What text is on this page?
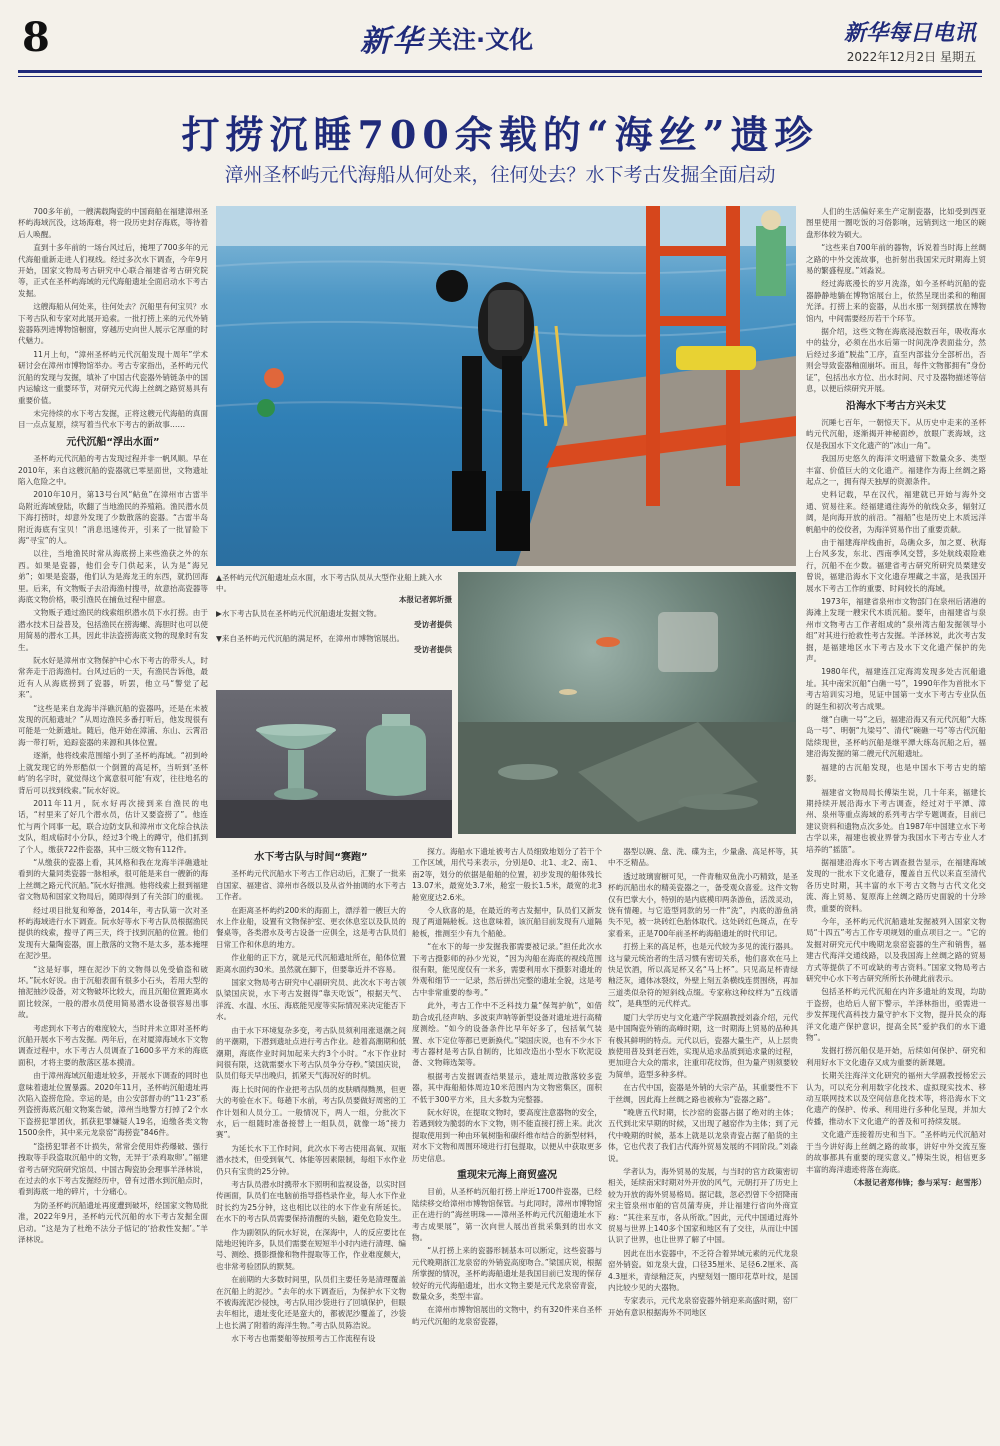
8	新华 关注·文化	新华每日电讯
2022年12月2日 星期五
打捞沉睡700余载的“海丝”遗珍
漳州圣杯屿元代海船从何处来，往何处去？水下考古发掘全面启动

700多年前，一艘满载陶瓷的中国商船在福建漳州圣杯屿海域沉没，这场海难，将一段历史封存海底，等待着后人唤醒。

直到十多年前的一场台风过后，掩埋了700多年的元代海船重新走进人们视线。经过多次水下调查，今年9月开始，国家文物局考古研究中心联合福建省考古研究院等，正式在圣杯屿海域的元代海船遗址全面启动水下考古发掘。

这艘海船从何处来，往何处去？沉船里有何宝贝？水下考古队和专家对此展开追索。一批打捞上来的元代外销瓷器陈列进博物馆橱窗，穿越历史向世人展示它厚重的时代魅力。

11月上旬，“漳州圣杯屿元代沉船发现十周年”学术研讨会在漳州市博物馆举办。考古专家指出，圣杯屿元代沉船的发现与发掘，填补了中国古代瓷器外销链条中的国内运输这一重要环节，对研究元代海上丝绸之路贸易具有重要价值。

未完待续的水下考古发掘，正将这艘元代海船的真面目一点点复原，续写着当代水下考古的新故事……

元代沉船“浮出水面”

圣杯屿元代沉船的考古发现过程并非一帆风顺。早在2010年，来自这艘沉船的瓷器就已零星面世，文物遗址陷入危险之中。

2010年10月，第13号台风“鲇鱼”在漳州市古雷半岛附近海域登陆，吹翻了当地渔民的养殖箱。渔民潜水员下海打捞时，却意外发现了少数散落的瓷器。“古雷半岛附近海底有宝贝！”消息迅速传开，引来了一批冒险下海“寻宝”的人。

以往，当地渔民时常从海底捞上来些渔获之外的东西。如果是瓷器，他们会专门供起来，认为是“海兄弟”；如果是瓷器，他们认为是海龙王的东西，就扔回海里。后来，有文物贩子去沿海渔村搜寻，故意抬高瓷器等海底文物价格，吸引渔民在捕鱼过程中留意。

文物贩子通过渔民的线索组织潜水员下水打捞。由于潜水技术日益普及，包括渔民在捞海螺、海胆时也可以使用简易的潜水工具，因此非法盗捞海底文物的现象时有发生。

阮水好是漳州市文物保护中心水下考古的带头人，时常奔走于沿海渔村。台风过后的一天，有渔民告诉他，最近有人从海底捞到了瓷器，听罢，他立马“警觉了起来”。

“这些是来自龙海半洋礁沉船的瓷器吗，还是在未被发现的沉船遗址？”从周边渔民多番打听后，他发现很有可能是一处新遗址。随后，他开始在漳浦、东山、云霄沿海一带打听，追踪瓷器的来源和具体位置。

逐渐，他将线索范围缩小到了圣杯屿海域。“初到岭上就发现它的外形酷似一个倒置的高足杯，当听到‘圣杯屿’的名字时，就觉得这个寓意很可能‘有戏’，往往地名的背后可以找到线索。”阮水好说。

2011年11月，阮水好再次接到来自渔民的电话，“村里来了好几个潜水员，估计又要盗捞了”。他连忙与两个同事一起，联合边防支队和漳州市文化综合执法支队，组成临时小分队，经过3个晚上的蹲守，他们抓到了个人，缴获722件瓷器，其中三级文物有112件。

“从缴获的瓷器上看，其风格和我在龙海半洋礁遗址看到的大量同类瓷器一脉相承，很可能是来自一艘新的海上丝绸之路元代沉船。”阮水好推测。他将线索上报到福建省文物局和国家文物局后，随即得到了有关部门的重视。

经过项目批复和筹备，2014年，考古队第一次对圣杯屿海域进行水下调查。阮水好等水下考古队员根据渔民提供的线索，搜寻了两三天，终于找到沉船的位置。他们发现有大量陶瓷器，面上散落的文物不是太多，基本掩埋在泥沙里。

“这是好事，埋在泥沙下的文物得以免受偷盗和破坏。”阮水好说。由于沉船表面有很多小石头，若用大型的抽泥抽沙设备，对文物破坏比较大，而且沉船位置距离水面比较深，一般的潜水员使用简易潜水设备很容易出事故。

考虑到水下考古的难度较大，当时并未立即对圣杯屿沉船开展水下考古发掘。两年后，在对厦漳海域水下文物调查过程中，水下考古人员调查了1600多平方米的海底面积，才将主要的散落区基本摸清。

由于漳州海域沉船遗址较多，开展水下调查的同时也意味着遗址位置暴露。2020年11月，圣杯屿沉船遗址再次陷入盗捞危险。幸运的是，由公安部督办的“11·23”系列盗捞海底沉船文物案告破，漳州当地警方打掉了2个水下盗捞犯罪团伙，抓获犯罪嫌疑人19名，追缴各类文物1500余件，其中来元龙泉窑“海捞瓷”846件。

“盗捞犯罪者不计损失，常常会使用炸药爆破、强行拽取等手段盗取沉船中的文物，无异于‘杀鸡取卵’。”福建省考古研究院研究馆员、中国古陶瓷协会理事羊泽林说，在过去的水下考古发掘经历中，曾有过潜水到沉船点时，看到海底一地的碎片，十分痛心。

为防圣杯屿沉船遗址再度遭到破坏，经国家文物局批准，2022年9月，圣杯屿元代沉船的水下考古发掘全面启动。“这是为了杜绝不法分子惦记的‘拾救性发掘’。”羊泽林说。

▲圣杯屿元代沉船遗址点水面，水下考古队员从大型作业船上跳入水中。

本报记者郭圻摄

▶水下考古队员在圣杯屿元代沉船遗址发掘文物。

受访者提供

▼来自圣杯屿元代沉船的满足杯，在漳州市博物馆展出。

受访者提供

水下考古队与时间“赛跑”

圣杯屿元代沉船水下考古工作启动后，汇聚了一批来自国家、福建省、漳州市各级以及从省外抽调的水下考古工作者。

在距离圣杯屿约200米的海面上，漂浮着一艘巨大的水上作业船，设置有文物保护室、更衣休息室以及队员的餐桌等，各类潜水及考古设备一应俱全，这是考古队员们日常工作和休息的地方。

作业船的正下方，就是元代沉船遗址所在，船体位置距离水面约30米。虽然就在脚下，但要靠近并不容易。

国家文物局考古研究中心副研究员、此次水下考古领队梁国庆说，水下考古发掘得“靠天吃饭”，根据天气、洋流、水温、水压、海底能见度等实际情况来决定能否下水。

由于水下环境复杂多变，考古队员须利用涨退潮之间的平潮期，下潜到遗址点进行考古作业。趁着高潮期和低潮期，海底作业时间加起来大约3个小时。“水下作业时间很有限，这就需要水下考古队员争分夺秒。”梁国庆说，队员们每天早出晚归，抓紧天气海况好的时机。

海上长时间的作业把考古队员的皮肤晒得黝黑，但更大的考验在水下。每趟下水前，考古队员要做好周密的工作计划和人员分工。一般情况下，两人一组，分批次下水，后一组随时准备接替上一组队员，就像一场“接力赛”。

为延长水下工作时间，此次水下考古使用高氧、双瓶潜水技术，但受到氧气、体能等因素限制，每组下水作业仍只有宝贵的25分钟。

考古队员潜水时携带水下照明和监视设备，以实时回传画面，队员们在电脑前指导搭档录作业，每人水下作业时长约为25分钟，这也相比以往的水下作业有所延长。在水下的考古队员需要保持清醒的头脑，避免危险发生。

作为副领队的阮水好说，在深海中，人的反应要比在陆地迟钝许多，队员们需要在短短半小时内进行清理、编号、测绘、摄影摄像和物件提取等工作，作业难度颇大，也非常考验团队的默契。

在前期的大多数时间里，队员们主要任务是清理覆盖在沉船上的泥沙。“去年的水下调查后，为保护水下文物不被海流泥沙侵蚀，考古队用沙袋进行了回填保护，但眼去年相比，遗址变化还是蛮大的，都被泥沙覆盖了，沙袋上也长满了附着的海洋生物。”考古队员陈浩说。

水下考古也需要船等按照考古工作流程有设

探方。海船水下遗址被考古人员细致地划分了若干个工作区域，用代号来表示，分别是0、北1、北2、南1、南2等，划分的依据是船舶的位置，初步发现的船体残长13.07米，最宽处3.7米，舱室一般长1.5米，最宽的北3舱宽度达2.6米。

令人欣喜的是，在最近的考古发掘中，队员们又新发现了两道隔舱板。这也意味着，该沉船目前发现有八道隔舱板，推测至少有九个船舱。

“在水下的每一步发掘我都需要被记录。”担任此次水下考古摄影师的孙少光说，“因为沟船在海底的视线范围很有限，能见度仅有一米多，需要利用水下摄影对遗址的外观和细节一一记录，然后拼出完整的遗址全貌，这是考古中非常重要的参考。”

此外，考古工作中不乏科技力量“保驾护航”，如借助合成孔径声呐、多波束声呐等新型设备对遗址进行高精度测绘。“如今的设备条件比早年好多了，包括氧气装置、水下定位等都已更新换代。”梁国庆说，也有不少水下考古器材是考古队自制的，比如改造出小型水下吹泥设备、文物筛选架等。

根据考古发掘调查结果显示，遗址周边散落较多瓷器，其中海船船体周边10米范围内为文物密集区，面积不低于300平方米，且大多数为完整器。

阮水好说，在提取文物时，要高度注意器物的安全，若遇到较为脆弱的水下文物，则不能直接打捞上来。此次提取使用到一种由环氧树脂和碳纤维布结合的新型材料，对水下文物和周围环境进行打包提取，以便从中获取更多历史信息。

重现宋元海上商贸盛况

目前，从圣杯屿沉船打捞上岸近1700件瓷器，已经陆续移交给漳州市博物馆保管。与此同时，漳州市博物馆正在进行的“海丝明珠——漳州圣杯屿元代沉船遗址水下考古成果展”，第一次向世人展出首批采集到的出水文物。

“从打捞上来的瓷器形制基本可以断定，这些瓷器与元代晚期浙江龙泉窑的外销瓷高度吻合。”梁国庆说，根据所掌握的情况，圣杯屿海船遗址是我国目前已发现的保存较好的元代海船遗址，出水文物主要是元代龙泉窑青瓷，数量众多，类型丰富。

在漳州市博物馆展出的文物中，约有320件来自圣杯屿元代沉船的龙泉窑瓷器，

器型以碗、盘、洗、碟为主，少量盏、高足杯等，其中不乏精品。

透过玻璃窗橱可见，一件青釉双鱼洗小巧精致，是圣杯屿沉船出水的精美瓷器之一，备受观众喜爱。这件文物仅有巴掌大小，特别的是内底模印两条游鱼，活泼灵动，饶有情趣。与它造型同款的另一件“洗”，内底的游鱼消失不见，被一块砖红色胎体取代。这处砖红色斑点，在专家看来，正是700年前圣杯屿海船遗址的时代印记。

打捞上来的高足杯，也是元代较为多见的流行器具。这与蒙元统治者的生活习惯有密切关系，他们喜欢在马上快足饮酒，所以高足杯又名“马上杯”。只见高足杯青绿釉泛灰，通体冰裂纹，外壁上刻五条横线连贯围绕，再加三道类似杂符的短斜线点缀。专家称这种纹样为“五线谱纹”，是典型的元代样式。

厦门大学历史与文化遗产学院副教授刘淼介绍，元代是中国陶瓷外销的高峰时期，这一时期海上贸易的品种具有极其鲜明的特点。元代以后，瓷器大量生产，从上层贵族使用普及到老百姓，实现从追求品质到追求量的过程，更加迎合大众的需求，注重印花纹饰，但为量产则须要较为简单，造型多种多样。

在古代中国，瓷器是外销的大宗产品，其重要性不下于丝绸，因此海上丝绸之路也被称为“瓷器之路”。

“晚唐五代时期，长沙窑的瓷器占据了绝对的主体；五代到北宋早期的时候，又出现了越窑作为主体；到了元代中晚期的时候，基本上就是以龙泉青瓷占据了船货的主体，它也代表了我们古代海外贸易发展的不同阶段。”刘淼说。

学者认为，海外贸易的发展，与当时的官方政策密切相关，延续南宋时期对外开放的风气，元朝打开了历史上较为开放的海外贸易格局。据记载，忽必烈曾下令招降南宋主管泉州市舶的官员蒲寿庚，并让福建行省向外商宣称：“其往来互市，各从所欲。”因此，元代中国通过海外贸易与世界上140多个国家和地区有了交往，从而让中国认识了世界，也让世界了解了中国。

因此在出水瓷器中，不乏符合着异域元素的元代龙泉窑外销瓷。如龙泉大盘，口径35厘米、足径6.2厘米、高4.3厘米，青绿釉泛灰，内壁刻划一圈印花草叶纹，是国内比较少见的大器物。

专家表示，元代龙泉窑瓷器外销迎来高盛时期，窑厂开始有意识根据海外不同地区

人们的生活偏好来生产定制瓷器，比如受到西亚图里使用一圈吃饭的习俗影响，远销到这一地区的碗盘形体较为硕大。

“这些来自700年前的器物，诉说着当时海上丝绸之路的中外交流故事，也折射出我国宋元时期海上贸易的繁盛程度。”刘淼说。

经过海底漫长的岁月洗涤，如今圣杯屿沉船的瓷器静静地躺在博物馆展台上，依然呈现出柔和的釉面光泽。打捞上来的瓷器，从出水那一刻到摆放在博物馆内，中间需要经历若干个环节。

据介绍，这些文物在海底浸泡数百年，吸收海水中的盐分，必须在出水后第一时间洗净表面盐分，然后经过多道“脱盐”工序，直至内部盐分全部析出，否则会导致瓷器釉面崩坏。而且，每件文物都拥有“身份证”，包括出水方位、出水时间、尺寸及器物描述等信息，以便后续研究开展。

沿海水下考古方兴未艾

沉睡七百年，一朝惊天下。从历史中走来的圣杯屿元代沉船，逐渐揭开神秘面纱，放眼广袤海域，这仅是我国水下文化遗产的“冰山一角”。

我国历史悠久的海洋文明遗留下数量众多、类型丰富、价值巨大的文化遗产。福建作为海上丝绸之路起点之一，拥有得天独厚的资源条件。

史料记载，早在汉代，福建就已开始与海外交通、贸易往来。经福建通往海外的航线众多，辐射辽阔，是向海开放的前沿。“福船”也是历史上木质远洋帆船中的佼佼者，为海洋贸易作出了重要贡献。

由于福建海岸线曲折，岛礁众多，加之夏、秋海上台风多发，东北、西南季风交替，多处航线艰险难行，沉船不在少数。福建省考古研究所研究员栗建安曾说，福建沿海水下文化遗存埋藏之丰富，是我国开展水下考古工作的重要、时间较长的海域。

1973年，福建省泉州市文物部门在泉州后渚港的海滩上发现一艘宋代木质沉船。要年，由福建省与泉州市文物考古工作者组成的“泉州湾古船发掘领导小组”对其进行抢救性考古发掘。羊泽林说，此次考古发掘，是福建地区水下考古及水下文化遗产保护的先声。

1980年代，福建连江定海湾发现多处古沉船遗址。其中南宋沉船“白礁一号”，1990年作为首批水下考古培训实习地，见证中国第一支水下考古专业队伍的诞生和初次考古成果。

继“白礁一号”之后，福建沿海又有元代沉船“大练岛一号”、明朝“九梁号”、清代“碗礁一号”等古代沉船陆续现世，圣杯屿沉船是继平潭大练岛沉船之后，福建沿海发掘的第二艘元代沉船遗址。

福建的古沉船发现，也是中国水下考古史的缩影。

福建省文物局局长傅柒生说，几十年来，福建长期持续开展沿海水下考古调查，经过对于平潭、漳州、泉州等重点海域的系列考古学专题调查，目前已建议资料和遗物点次多处。自1987年中国建立水下考古学以来，福建也被业界誉为我国水下考古专业人才培养的“摇篮”。

据福建沿海水下考古调查报告显示，在福建海域发现的一批水下文化遗存，覆盖自五代以来直至清代各历史时期，其丰富的水下考古文物与古代文化交流、海上贸易、复原海上丝绸之路历史面貌的十分珍贵，重要的资料。

今年，圣杯屿元代沉船遗址发掘被列入国家文物局“十四五”考古工作专项规划的重点项目之一。“它的发掘对研究元代中晚期龙泉窑瓷器的生产和销售，福建古代海洋交通线路，以及我国海上丝绸之路的贸易方式等提供了不可或缺的考古资料。”国家文物局考古研究中心水下考古研究所所长孙键此前表示。

包括圣杯屿元代沉船在内许多遗址的发现，均助于盗捞，也给后人留下警示，羊泽林指出，亟需进一步发挥现代高科技力量守护水下文物，提升民众的海洋文化遗产保护意识，提高全民“爱护我们的水下遗物”。

发掘打捞沉船仅是开始，后续如何保护、研究和利用好水下文化遗存又成为重要的新课题。

长期关注海洋文化研究的福州大学副教授杨宏云认为，可以充分利用数字化技术、虚拟现实技术、移动互联网技术以及空间信息化技术等，将沿海水下文化遗产的保护、传承、利用进行多种化呈现，并加大传播，推动水下文化遗产的普及和可持续发展。

文化遗产连接着历史和当下。“圣杯屿元代沉船对于当今讲好海上丝绸之路的故事，讲好中外交流互鉴的故事都具有重要的现实意义。”傅柒生说，相信更多丰富的海洋遗迹将落在海底。

（本报记者郑伟锋；参与采写：赵雪彤）
